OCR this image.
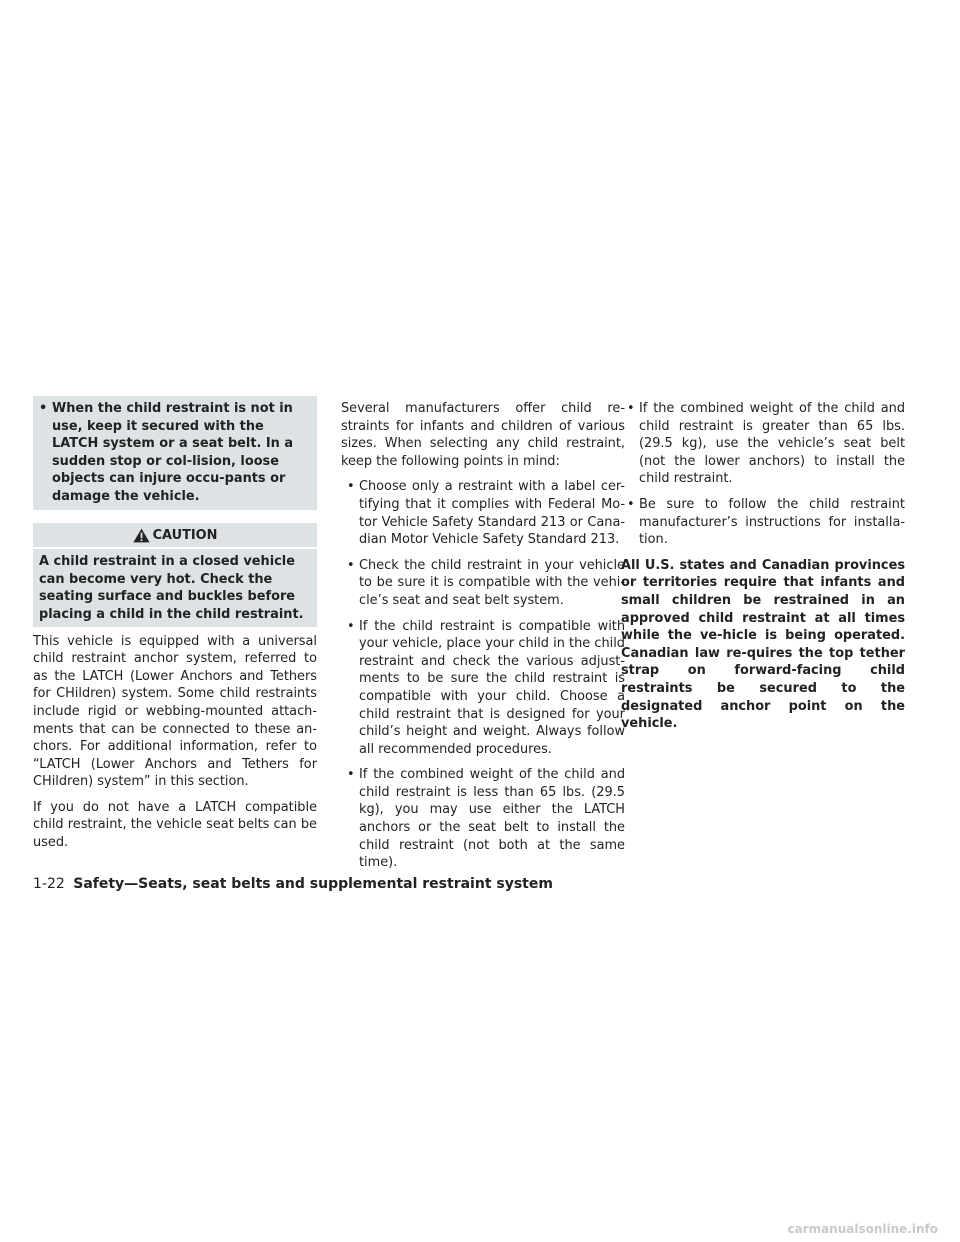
• When the child restraint is not in use, keep it secured with the LATCH system or a seat belt. In a sudden stop or col-lision, loose objects can injure occu-pants or damage the vehicle.
CAUTION
A child restraint in a closed vehicle can become very hot. Check the seating surface and buckles before placing a child in the child restraint.

This vehicle is equipped with a universal child restraint anchor system, referred to as the LATCH (Lower Anchors and Tethers for CHildren) system. Some child restraints include rigid or webbing-mounted attach-ments that can be connected to these an-chors. For additional information, refer to “LATCH (Lower Anchors and Tethers for CHildren) system” in this section.

If you do not have a LATCH compatible child restraint, the vehicle seat belts can be used.

Several manufacturers offer child re-straints for infants and children of various sizes. When selecting any child restraint, keep the following points in mind:

• Choose only a restraint with a label cer-tifying that it complies with Federal Mo-tor Vehicle Safety Standard 213 or Cana-dian Motor Vehicle Safety Standard 213.
• Check the child restraint in your vehicle to be sure it is compatible with the vehi-cle’s seat and seat belt system.
• If the child restraint is compatible with your vehicle, place your child in the child restraint and check the various adjust-ments to be sure the child restraint is compatible with your child. Choose a child restraint that is designed for your child’s height and weight. Always follow all recommended procedures.
• If the combined weight of the child and child restraint is less than 65 lbs. (29.5 kg), you may use either the LATCH anchors or the seat belt to install the child restraint (not both at the same time).
• If the combined weight of the child and child restraint is greater than 65 lbs. (29.5 kg), use the vehicle’s seat belt (not the lower anchors) to install the child restraint.
• Be sure to follow the child restraint manufacturer’s instructions for installa-tion.

All U.S. states and Canadian provinces or territories require that infants and small children be restrained in an approved child restraint at all times while the ve-hicle is being operated. Canadian law re-quires the top tether strap on forward-facing child restraints be secured to the designated anchor point on the vehicle.

1-22 Safety—Seats, seat belts and supplemental restraint system
carmanualsonline.info
